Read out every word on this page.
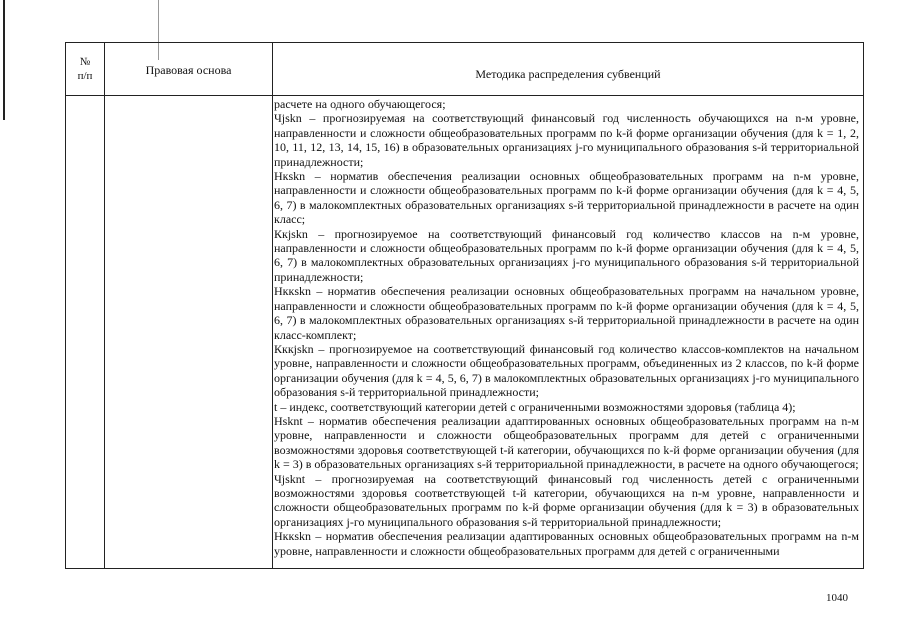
№
п/п	Правовая основа	Методика распределения субвенций

расчете на одного обучающегося;

Чjskn – прогнозируемая на соответствующий финансовый год численность обучающихся на n-м уровне, направленности и сложности общеобразовательных программ по k-й форме организации обучения (для k = 1, 2, 10, 11, 12, 13, 14, 15, 16) в образовательных организациях j-го муниципального образования s-й территориальной принадлежности;

Нкskn – норматив обеспечения реализации основных общеобразовательных программ на n-м уровне, направленности и сложности общеобразовательных программ по k-й форме организации обучения (для k = 4, 5, 6, 7) в малокомплектных образовательных организациях s-й территориальной принадлежности в расчете на один класс;

Ккjskn – прогнозируемое на соответствующий финансовый год количество классов на n-м уровне, направленности и сложности общеобразовательных программ по k-й форме организации обучения (для k = 4, 5, 6, 7) в малокомплектных образовательных организациях j-го муниципального образования s-й территориальной принадлежности;

Нккskn – норматив обеспечения реализации основных общеобразовательных программ на начальном уровне, направленности и сложности общеобразовательных программ по k-й форме организации обучения (для k = 4, 5, 6, 7) в малокомплектных образовательных организациях s-й территориальной принадлежности в расчете на один класс-комплект;

Кккjskn – прогнозируемое на соответствующий финансовый год количество классов-комплектов на начальном уровне, направленности и сложности общеобразовательных программ, объединенных из 2 классов, по k-й форме организации обучения (для k = 4, 5, 6, 7) в малокомплектных образовательных организациях j-го муниципального образования s-й территориальной принадлежности;

t – индекс, соответствующий категории детей с ограниченными возможностями здоровья (таблица 4);

Нsknt – норматив обеспечения реализации адаптированных основных общеобразовательных программ на n-м уровне, направленности и сложности общеобразовательных программ для детей с ограниченными возможностями здоровья соответствующей t-й категории, обучающихся по k-й форме организации обучения (для k = 3) в образовательных организациях s-й территориальной принадлежности, в расчете на одного обучающегося;

Чjsknt – прогнозируемая на соответствующий финансовый год численность детей с ограниченными возможностями здоровья соответствующей t-й категории, обучающихся на n-м уровне, направленности и сложности общеобразовательных программ по k-й форме организации обучения (для k = 3) в образовательных организациях j-го муниципального образования s-й территориальной принадлежности;

Нккskn – норматив обеспечения реализации адаптированных основных общеобразовательных программ на n-м уровне, направленности и сложности общеобразовательных программ для детей с ограниченными

1040
